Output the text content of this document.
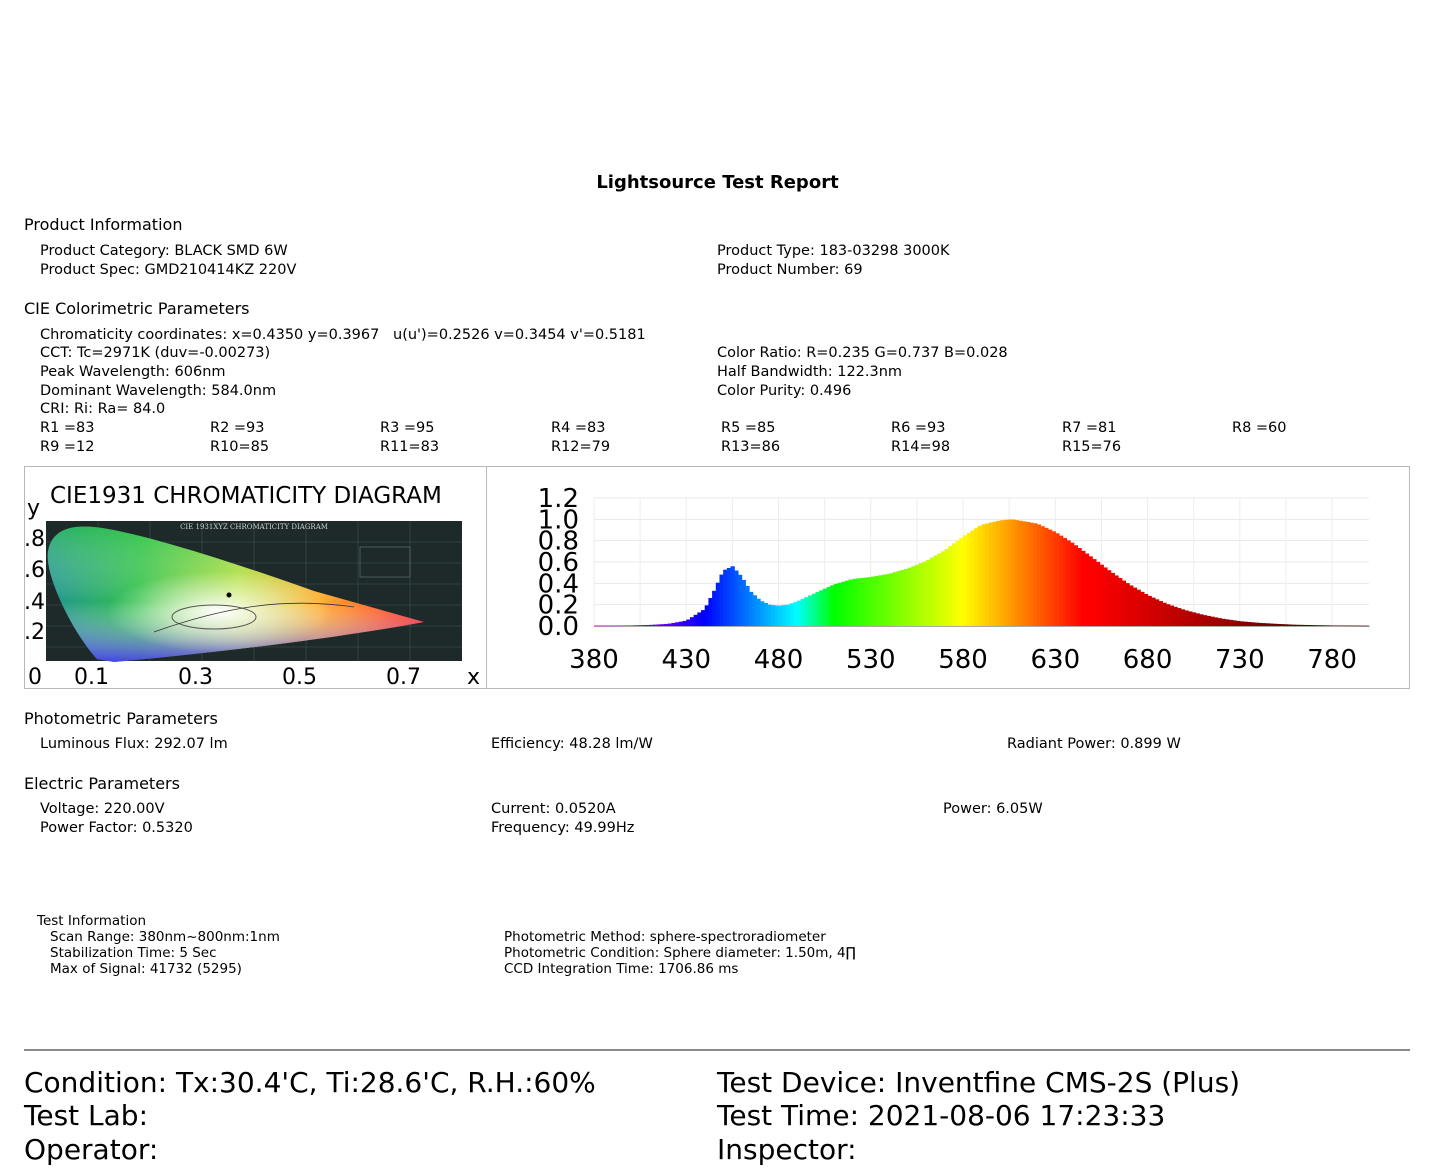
Lightsource Test Report
Product Information
Product Category: BLACK SMD 6W
Product Spec: GMD210414KZ 220V
Product Type: 183-03298 3000K
Product Number: 69
CIE Colorimetric Parameters
Chromaticity coordinates: x=0.4350 y=0.3967 u(u')=0.2526 v=0.3454 v'=0.5181
CCT: Tc=2971K (duv=-0.00273)
Peak Wavelength: 606nm
Dominant Wavelength: 584.0nm
CRI: Ri: Ra= 84.0
Color Ratio: R=0.235 G=0.737 B=0.028
Half Bandwidth: 122.3nm
Color Purity: 0.496
R1 =83	R2 =93	R3 =95	R4 =83	R5 =85	R6 =93	R7 =81	R8 =60
R9 =12	R10=85	R11=83	R12=79	R13=86	R14=98	R15=76
CIE 1931XYZ CHROMATICITY DIAGRAM
CIE1931 CHROMATICITY DIAGRAM
y
.8
.6
.4
.2
0 0.1	0.3	0.5	0.7 x
0.0
0.2
0.4
0.6
0.8
1.0
1.2
380 430 480 530 580 630 680 730 780
Photometric Parameters
Luminous Flux: 292.07 lm	Efficiency: 48.28 lm/W	Radiant Power: 0.899 W
Electric Parameters
Voltage: 220.00V	Current: 0.0520A	Power: 6.05W
Power Factor: 0.5320	Frequency: 49.99Hz
Test Information
Scan Range: 380nm~800nm:1nm
Stabilization Time: 5 Sec
Max of Signal: 41732 (5295)
Photometric Method: sphere-spectroradiometer
Photometric Condition: Sphere diameter: 1.50m, 4∏
CCD Integration Time: 1706.86 ms
Condition: Tx:30.4'C, Ti:28.6'C, R.H.:60%
Test Lab:
Operator:
Test Device: Inventfine CMS-2S (Plus)
Test Time: 2021-08-06 17:23:33
Inspector:
